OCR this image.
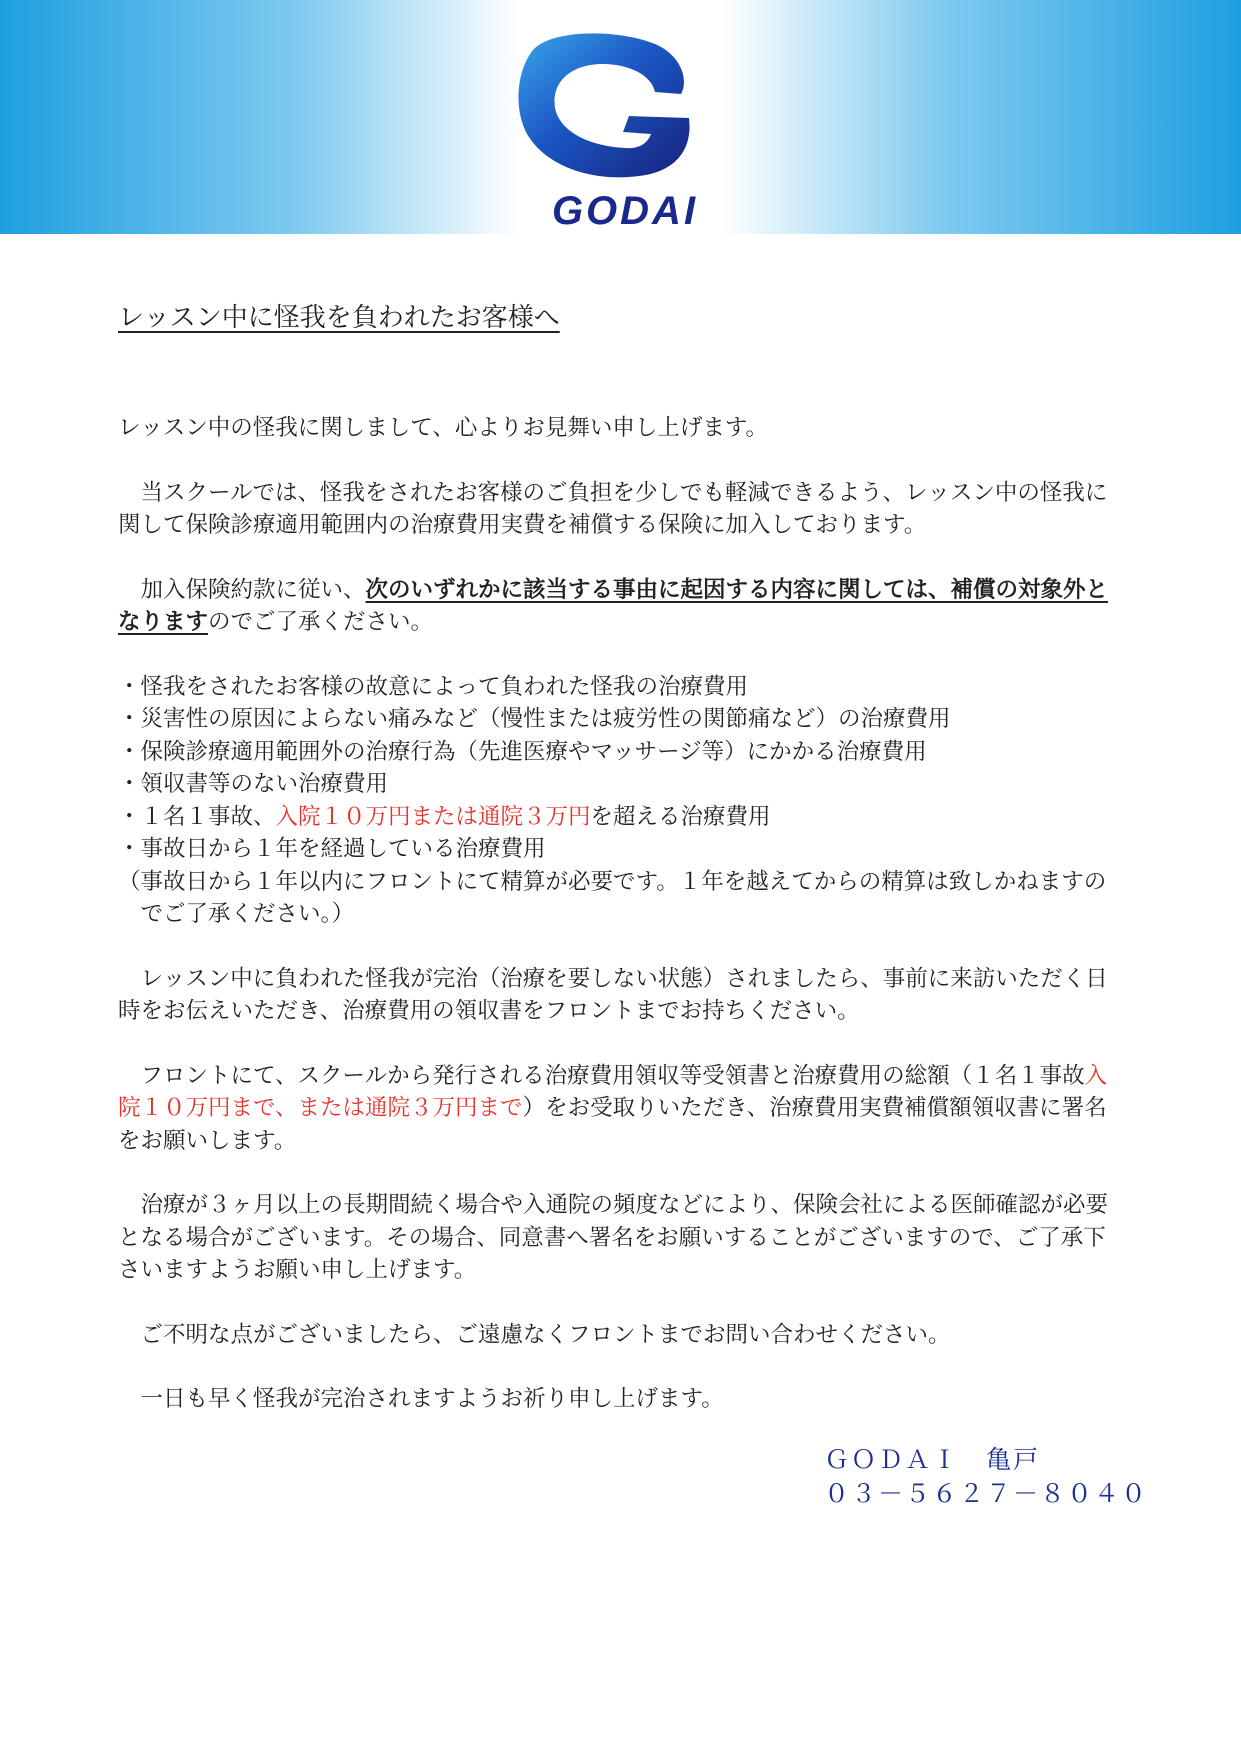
GODAI
レッスン中に怪我を負われたお客様へ

レッスン中の怪我に関しまして、心よりお見舞い申し上げます。

当スクールでは、怪我をされたお客様のご負担を少しでも軽減できるよう、レッスン中の怪我に関して保険診療適用範囲内の治療費用実費を補償する保険に加入しております。

加入保険約款に従い、次のいずれかに該当する事由に起因する内容に関しては、補償の対象外となりますのでご了承ください。

・怪我をされたお客様の故意によって負われた怪我の治療費用
・災害性の原因によらない痛みなど（慢性または疲労性の関節痛など）の治療費用
・保険診療適用範囲外の治療行為（先進医療やマッサージ等）にかかる治療費用
・領収書等のない治療費用
・１名１事故、入院１０万円または通院３万円を超える治療費用
・事故日から１年を経過している治療費用
（事故日から１年以内にフロントにて精算が必要です。１年を越えてからの精算は致しかねますのでご了承ください。）

レッスン中に負われた怪我が完治（治療を要しない状態）されましたら、事前に来訪いただく日時をお伝えいただき、治療費用の領収書をフロントまでお持ちください。

フロントにて、スクールから発行される治療費用領収等受領書と治療費用の総額（１名１事故入院１０万円まで、または通院３万円まで）をお受取りいただき、治療費用実費補償額領収書に署名をお願いします。

治療が３ヶ月以上の長期間続く場合や入通院の頻度などにより、保険会社による医師確認が必要となる場合がございます。その場合、同意書へ署名をお願いすることがございますので、ご了承下さいますようお願い申し上げます。

ご不明な点がございましたら、ご遠慮なくフロントまでお問い合わせください。

一日も早く怪我が完治されますようお祈り申し上げます。

ＧＯＤＡＩ　亀戸
０３－５６２７－８０４０
